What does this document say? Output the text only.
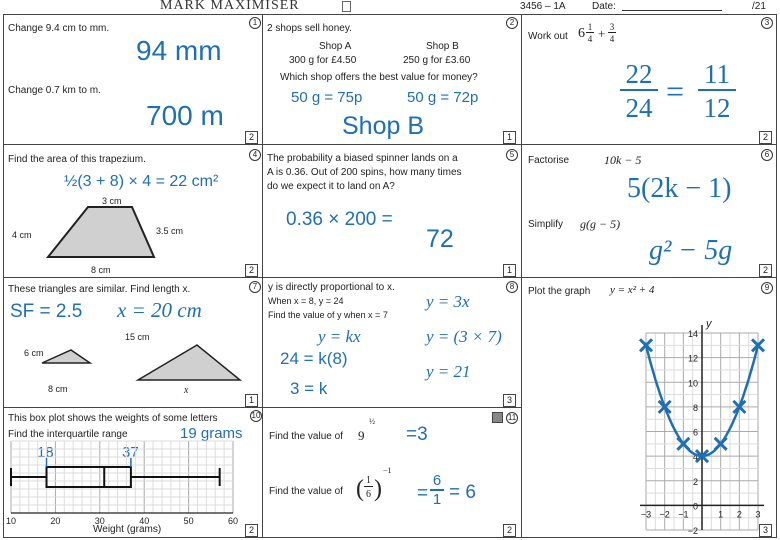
MARK MAXIMISER	3456 – 1A	Date:	/21
Change 9.4 cm to mm.
94 mm
Change 0.7 km to m.
700 m
1
2
2 shops sell honey.
Shop A
300 g for £4.50
Shop B
250 g for £3.60
Which shop offers the best value for money?
50 g = 75p	50 g = 72p
Shop B
2
1
Work out 6 1
4 + 3
4
22
24 = 11
12
3
2
Find the area of this trapezium.
½(3 + 8) × 4 = 22 cm²
3 cm
3.5 cm
4 cm
8 cm
4
2
The probability a biased spinner lands on a
A is 0.36. Out of 200 spins, how many times
do we expect it to land on A?
0.36 × 200 =
72
5
1
Factorise	10k − 5
5(2k − 1)
Simplify g(g − 5)
g² − 5g
6
2
These triangles are similar. Find length x.
SF = 2.5 x = 20 cm
15 cm
6 cm
8 cm	x
7
1
y is directly proportional to x.
When x = 8, y = 24
Find the value of y when x = 7
y = 3x
y = kx	y = (3 × 7)
24 = k(8)
y = 21
3 = k
8
3
Plot the graph y = x² + 4
14
12
10
8
6
4
2
0
−2
−3 −2 −1	1 2 3
y
9
3
This box plot shows the weights of some letters
Find the interquartile range	19 grams
18	37
10	20	30	40	50	60
Weight (grams)
10
2
Find the value of 9
½
=3
Find the value of ( 1
6 )
−1
=
6
1 = 6
11
2
